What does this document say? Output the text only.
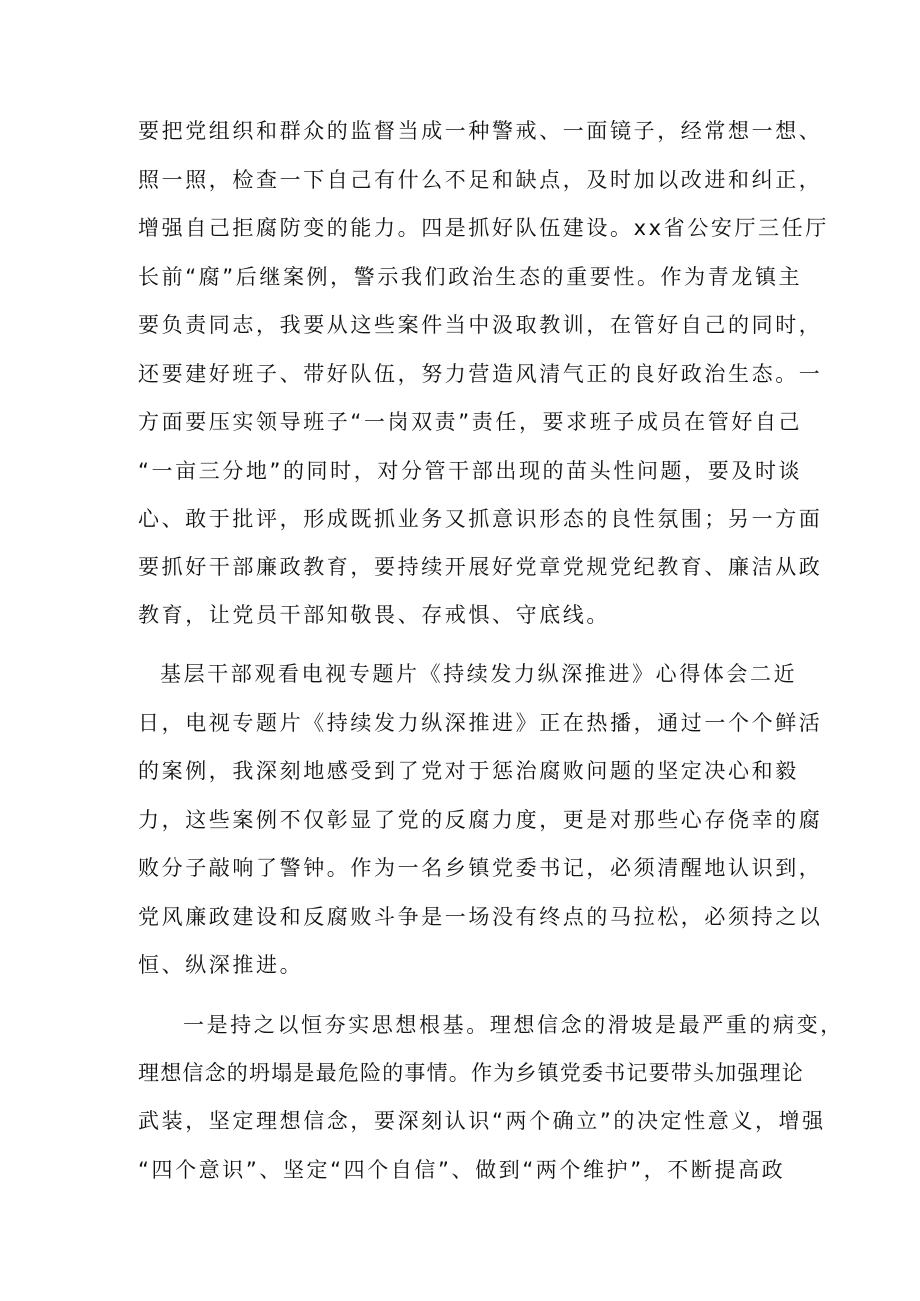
要把党组织和群众的监督当成一种警戒、一面镜子，经常想一想、
照一照，检查一下自己有什么不足和缺点，及时加以改进和纠正，
增强自己拒腐防变的能力。四是抓好队伍建设。xx省公安厅三任厅
长前“腐”后继案例，警示我们政治生态的重要性。作为青龙镇主
要负责同志，我要从这些案件当中汲取教训，在管好自己的同时，
还要建好班子、带好队伍，努力营造风清气正的良好政治生态。一
方面要压实领导班子“一岗双责”责任，要求班子成员在管好自己
“一亩三分地”的同时，对分管干部出现的苗头性问题，要及时谈
心、敢于批评，形成既抓业务又抓意识形态的良性氛围；另一方面
要抓好干部廉政教育，要持续开展好党章党规党纪教育、廉洁从政
教育，让党员干部知敬畏、存戒惧、守底线。
基层干部观看电视专题片《持续发力纵深推进》心得体会二近
日，电视专题片《持续发力纵深推进》正在热播，通过一个个鲜活
的案例，我深刻地感受到了党对于惩治腐败问题的坚定决心和毅
力，这些案例不仅彰显了党的反腐力度，更是对那些心存侥幸的腐
败分子敲响了警钟。作为一名乡镇党委书记，必须清醒地认识到，
党风廉政建设和反腐败斗争是一场没有终点的马拉松，必须持之以
恒、纵深推进。
一是持之以恒夯实思想根基。理想信念的滑坡是最严重的病变，
理想信念的坍塌是最危险的事情。作为乡镇党委书记要带头加强理论
武装，坚定理想信念，要深刻认识“两个确立”的决定性意义，增强
“四个意识”、坚定“四个自信”、做到“两个维护”，不断提高政
